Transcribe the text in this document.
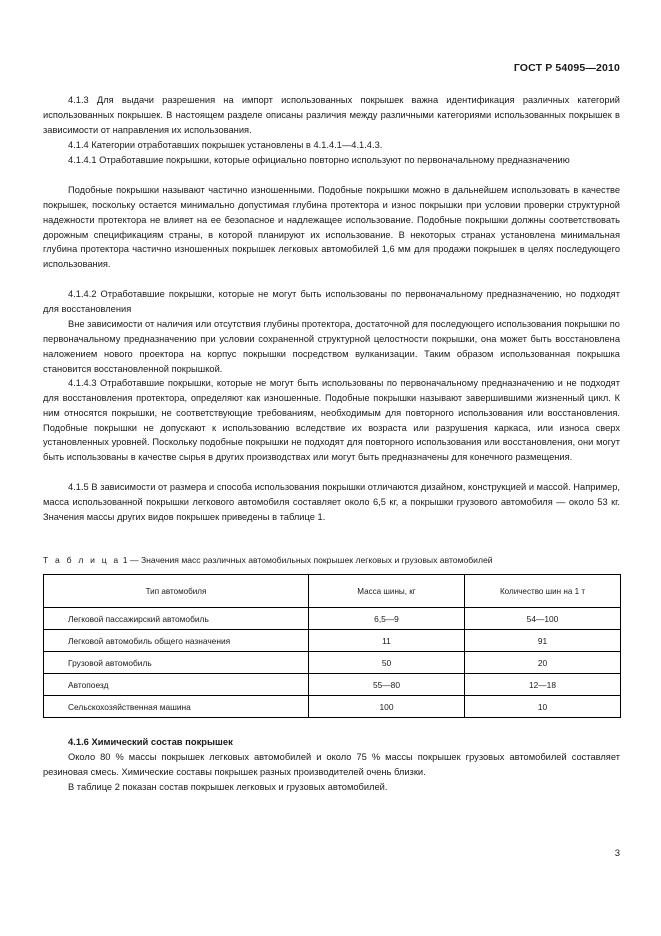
ГОСТ Р 54095—2010

4.1.3 Для выдачи разрешения на импорт использованных покрышек важна идентификация различных категорий использованных покрышек. В настоящем разделе описаны различия между различными категориями использованных покрышек в зависимости от направления их использования.

4.1.4 Категории отработавших покрышек установлены в 4.1.4.1—4.1.4.3.

4.1.4.1 Отработавшие покрышки, которые официально повторно используют по первоначальному предназначению

Подобные покрышки называют частично изношенными. Подобные покрышки можно в дальнейшем использовать в качестве покрышек, поскольку остается минимально допустимая глубина протектора и износ покрышки при условии проверки структурной надежности протектора не влияет на ее безопасное и надлежащее использование. Подобные покрышки должны соответствовать дорожным спецификациям страны, в которой планируют их использование. В некоторых странах установлена минимальная глубина протектора частично изношенных покрышек легковых автомобилей 1,6 мм для продажи покрышек в целях последующего использования.

4.1.4.2 Отработавшие покрышки, которые не могут быть использованы по первоначальному предназначению, но подходят для восстановления

Вне зависимости от наличия или отсутствия глубины протектора, достаточной для последующего использования покрышки по первоначальному предназначению при условии сохраненной структурной целостности покрышки, она может быть восстановлена наложением нового проектора на корпус покрышки посредством вулканизации. Таким образом использованная покрышка становится восстановленной покрышкой.

4.1.4.3 Отработавшие покрышки, которые не могут быть использованы по первоначальному предназначению и не подходят для восстановления протектора, определяют как изношенные. Подобные покрышки называют завершившими жизненный цикл. К ним относятся покрышки, не соответствующие требованиям, необходимым для повторного использования или восстановления. Подобные покрышки не допускают к использованию вследствие их возраста или разрушения каркаса, или износа сверх установленных уровней. Поскольку подобные покрышки не подходят для повторного использования или восстановления, они могут быть использованы в качестве сырья в других производствах или могут быть предназначены для конечного размещения.

4.1.5 В зависимости от размера и способа использования покрышки отличаются дизайном, конструкцией и массой. Например, масса использованной покрышки легкового автомобиля составляет около 6,5 кг, а покрышки грузового автомобиля — около 53 кг. Значения массы других видов покрышек приведены в таблице 1.

Т а б л и ц а 1 — Значения масс различных автомобильных покрышек легковых и грузовых автомобилей
Тип автомобиля	Масса шины, кг	Количество шин на 1 т
Легковой пассажирский автомобиль	6,5—9	54—100
Легковой автомобиль общего назначения	11	91
Грузовой автомобиль	50	20
Автопоезд	55—80	12—18
Сельскохозяйственная машина	100	10

4.1.6 Химический состав покрышек

Около 80 % массы покрышек легковых автомобилей и около 75 % массы покрышек грузовых автомобилей составляет резиновая смесь. Химические составы покрышек разных производителей очень близки.

В таблице 2 показан состав покрышек легковых и грузовых автомобилей.

3
